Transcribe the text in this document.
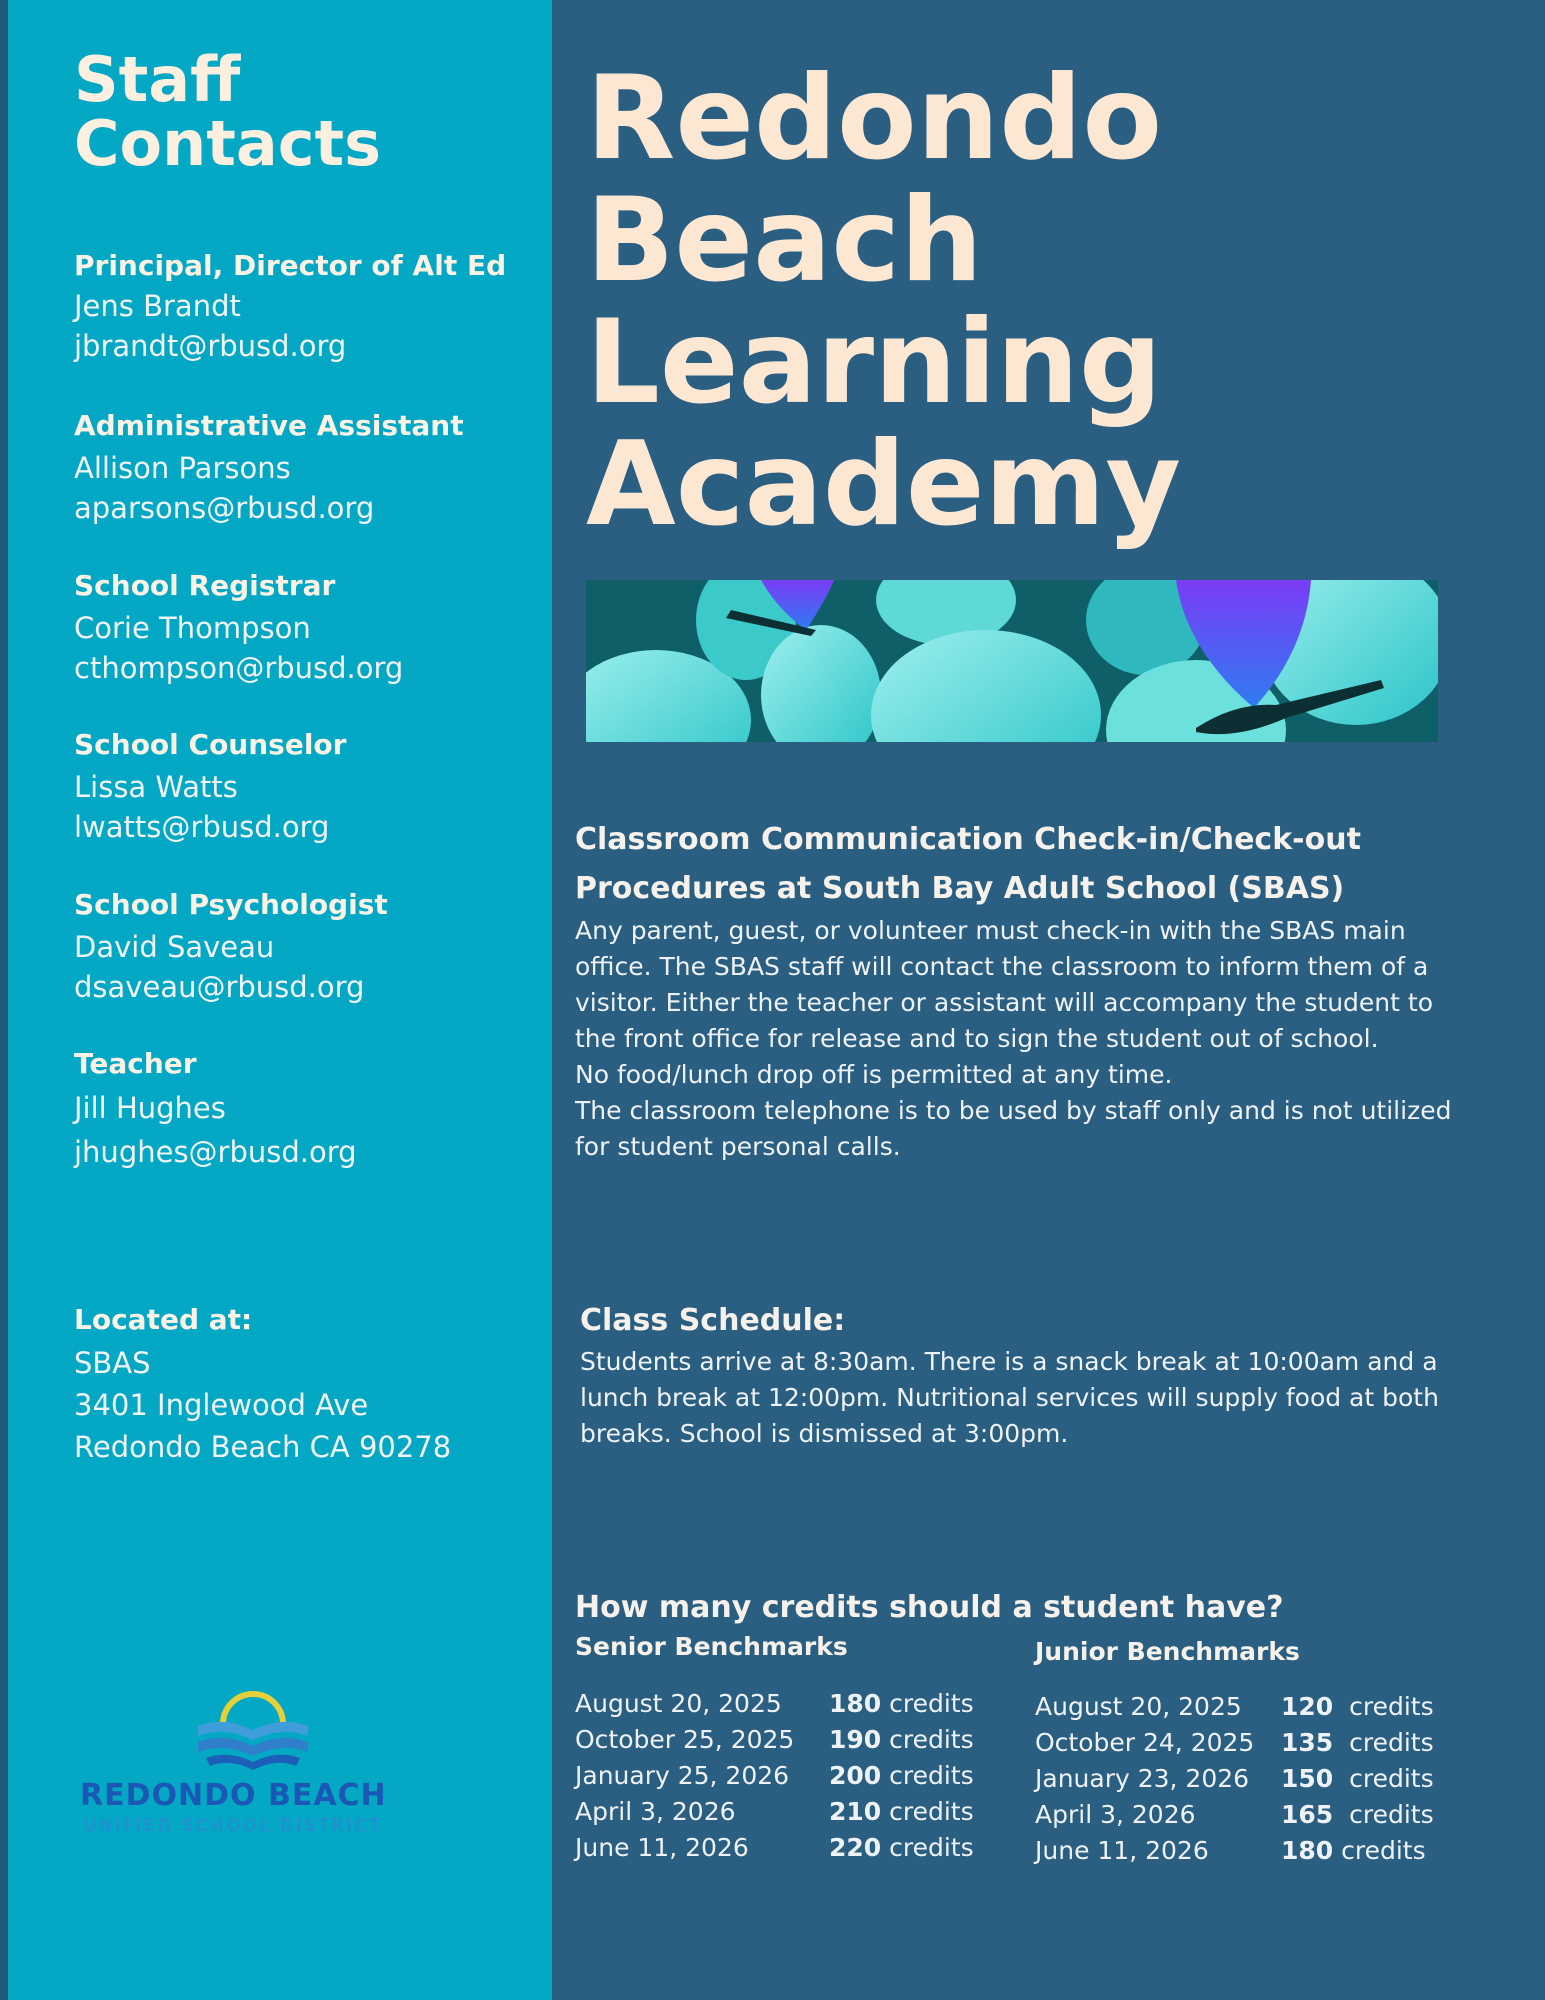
Staff
Contacts
Principal, Director of Alt Ed
Jens Brandt
jbrandt@rbusd.org
Administrative Assistant
Allison Parsons
aparsons@rbusd.org
School Registrar
Corie Thompson
cthompson@rbusd.org
School Counselor
Lissa Watts
lwatts@rbusd.org
School Psychologist
David Saveau
dsaveau@rbusd.org
Teacher
Jill Hughes
jhughes@rbusd.org
Located at:
SBAS
3401 Inglewood Ave
Redondo Beach CA 90278
REDONDO BEACH
UNIFIED SCHOOL DISTRICT
Redondo
Beach
Learning
Academy
Classroom Communication Check-in/Check-out
Procedures at South Bay Adult School (SBAS)
Any parent, guest, or volunteer must check-in with the SBAS main office. The SBAS staff will contact the classroom to inform them of a visitor. Either the teacher or assistant will accompany the student to the front office for release and to sign the student out of school.
No food/lunch drop off is permitted at any time.
The classroom telephone is to be used by staff only and is not utilized for student personal calls.
Class Schedule:
Students arrive at 8:30am. There is a snack break at 10:00am and a lunch break at 12:00pm. Nutritional services will supply food at both breaks. School is dismissed at 3:00pm.
How many credits should a student have?
Senior Benchmarks	Junior Benchmarks
August 20, 2025 180 credits
October 25, 2025 190 credits
January 25, 2026 200 credits
April 3, 2026	210 credits
June 11, 2026	220 credits
August 20, 2025 120 credits
October 24, 2025 135 credits
January 23, 2026 150 credits
April 3, 2026	165 credits
June 11, 2026	180 credits
